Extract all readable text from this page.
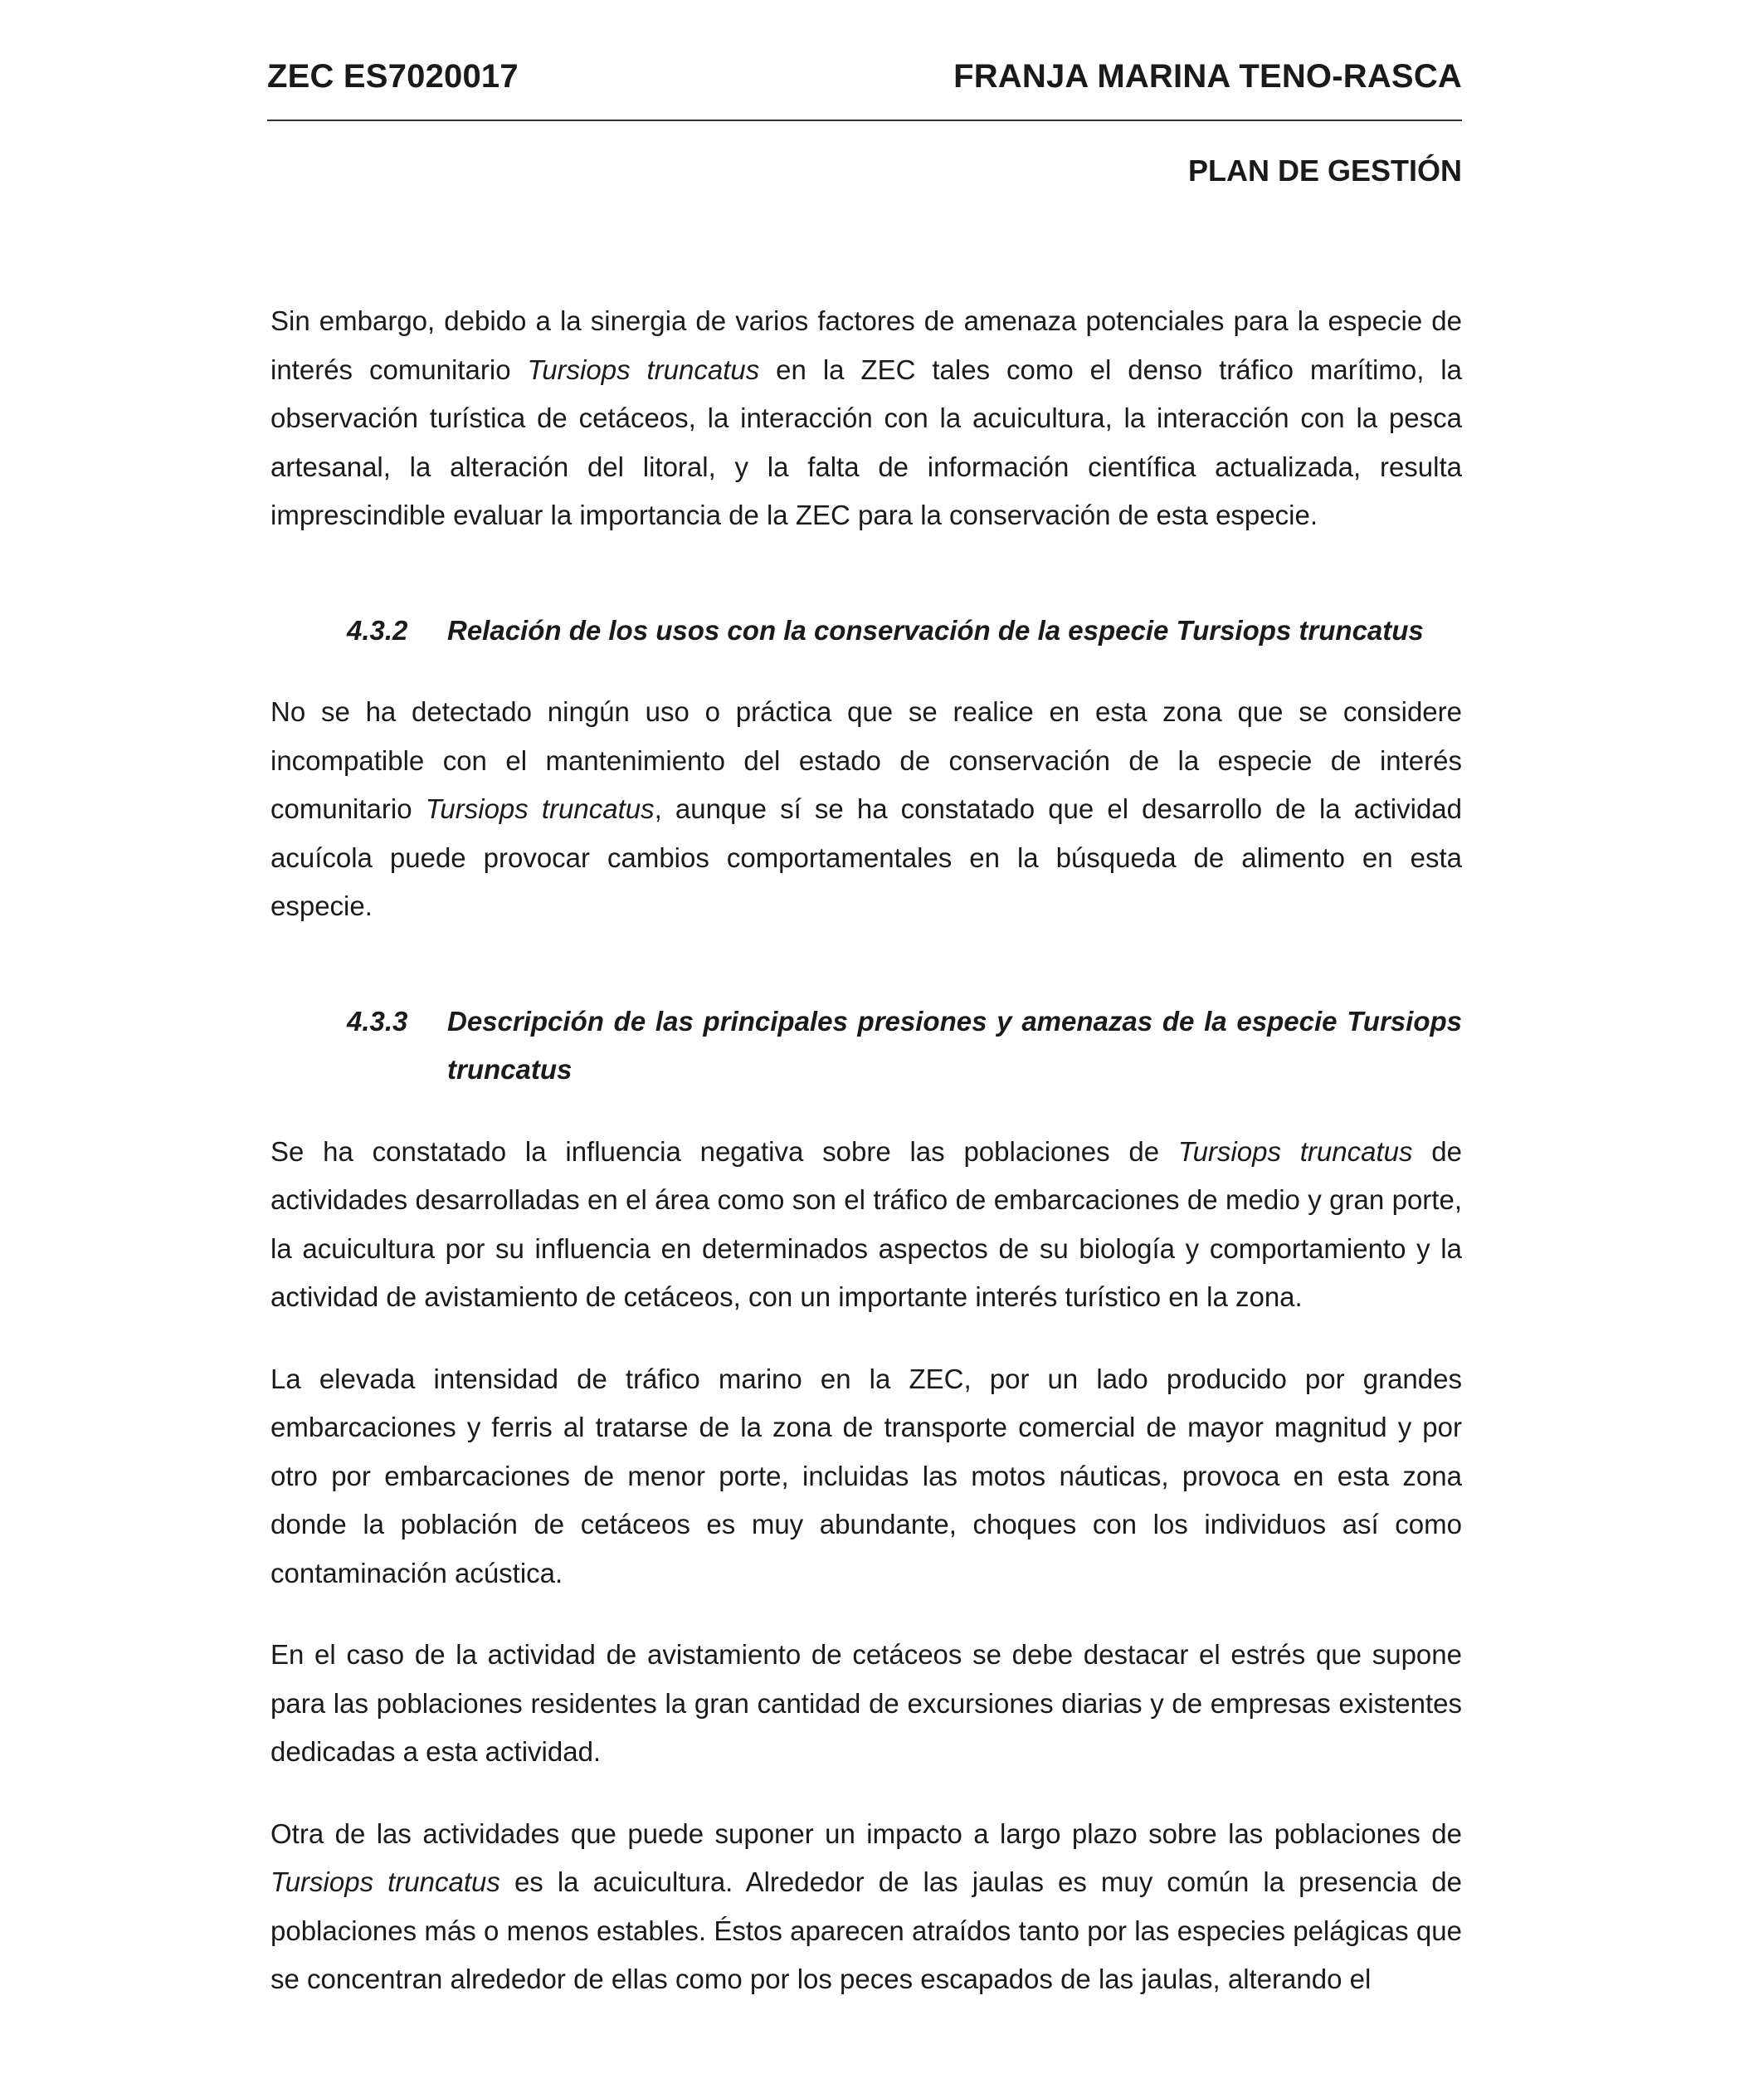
ZEC ES7020017	FRANJA MARINA TENO-RASCA
PLAN DE GESTIÓN

Sin embargo, debido a la sinergia de varios factores de amenaza potenciales para la especie de interés comunitario Tursiops truncatus en la ZEC tales como el denso tráfico marítimo, la observación turística de cetáceos, la interacción con la acuicultura, la interacción con la pesca artesanal, la alteración del litoral, y la falta de información científica actualizada, resulta imprescindible evaluar la importancia de la ZEC para la conservación de esta especie.

4.3.2	Relación de los usos con la conservación de la especie Tursiops truncatus

No se ha detectado ningún uso o práctica que se realice en esta zona que se considere incompatible con el mantenimiento del estado de conservación de la especie de interés comunitario Tursiops truncatus, aunque sí se ha constatado que el desarrollo de la actividad acuícola puede provocar cambios comportamentales en la búsqueda de alimento en esta especie.

4.3.3	Descripción de las principales presiones y amenazas de la especie Tursiops truncatus

Se ha constatado la influencia negativa sobre las poblaciones de Tursiops truncatus de actividades desarrolladas en el área como son el tráfico de embarcaciones de medio y gran porte, la acuicultura por su influencia en determinados aspectos de su biología y comportamiento y la actividad de avistamiento de cetáceos, con un importante interés turístico en la zona.

La elevada intensidad de tráfico marino en la ZEC, por un lado producido por grandes embarcaciones y ferris al tratarse de la zona de transporte comercial de mayor magnitud y por otro por embarcaciones de menor porte, incluidas las motos náuticas, provoca en esta zona donde la población de cetáceos es muy abundante, choques con los individuos así como contaminación acústica.

En el caso de la actividad de avistamiento de cetáceos se debe destacar el estrés que supone para las poblaciones residentes la gran cantidad de excursiones diarias y de empresas existentes dedicadas a esta actividad.

Otra de las actividades que puede suponer un impacto a largo plazo sobre las poblaciones de Tursiops truncatus es la acuicultura. Alrededor de las jaulas es muy común la presencia de poblaciones más o menos estables. Éstos aparecen atraídos tanto por las especies pelágicas que se concentran alrededor de ellas como por los peces escapados de las jaulas, alterando el
